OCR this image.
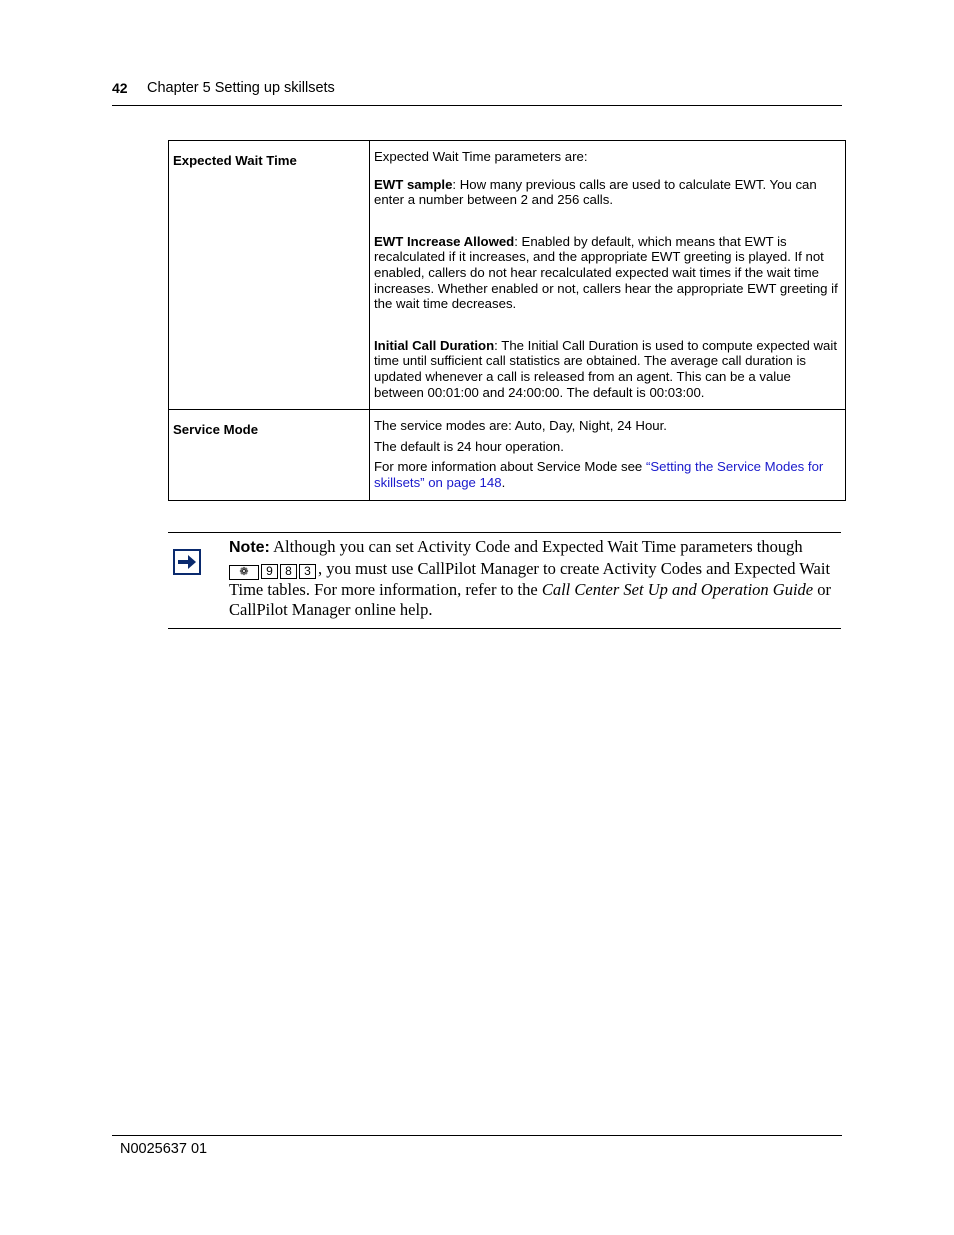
42 Chapter 5 Setting up skillsets
Expected Wait Time	Expected Wait Time parameters are:

EWT sample: How many previous calls are used to calculate EWT. You can enter a number between 2 and 256 calls.

EWT Increase Allowed: Enabled by default, which means that EWT is recalculated if it increases, and the appropriate EWT greeting is played. If not enabled, callers do not hear recalculated expected wait times if the wait time increases. Whether enabled or not, callers hear the appropriate EWT greeting if the wait time decreases.

Initial Call Duration: The Initial Call Duration is used to compute expected wait time until sufficient call statistics are obtained. The average call duration is updated whenever a call is released from an agent. This can be a value between 00:01:00 and 24:00:00. The default is 00:03:00.

Service Mode	The service modes are: Auto, Day, Night, 24 Hour.

The default is 24 hour operation.

For more information about Service Mode see “Setting the Service Modes for skillsets” on page 148.

Note: Although you can set Activity Code and Expected Wait Time parameters though
❁ 9 8 3 , you must use CallPilot Manager to create Activity Codes and Expected Wait Time tables. For more information, refer to the Call Center Set Up and Operation Guide or CallPilot Manager online help.
N0025637 01
